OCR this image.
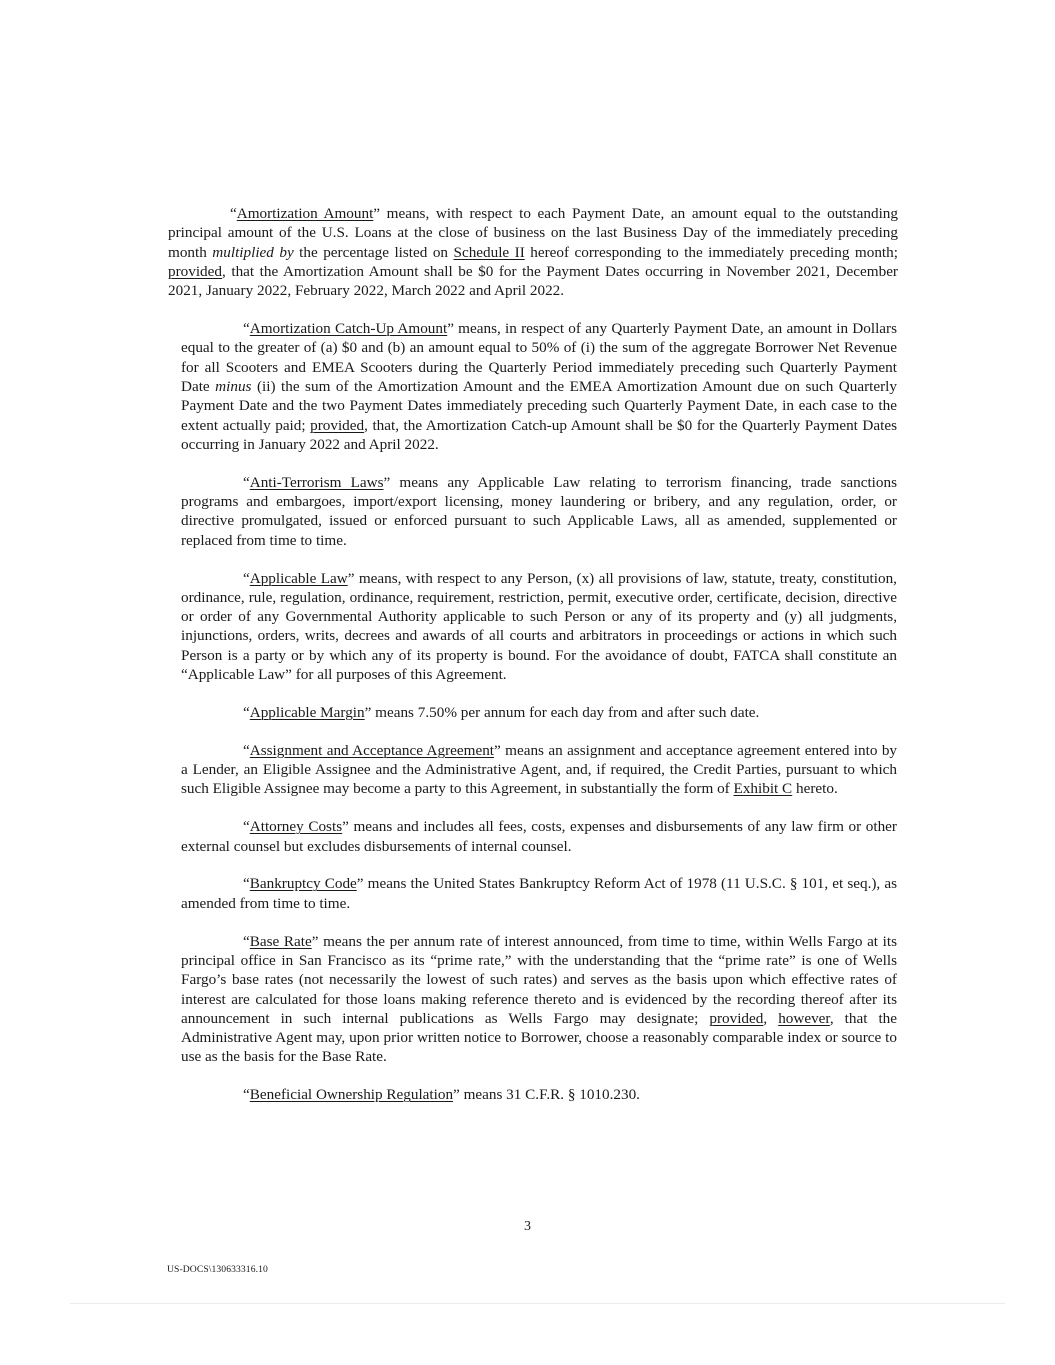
“Amortization Amount” means, with respect to each Payment Date, an amount equal to the outstanding principal amount of the U.S. Loans at the close of business on the last Business Day of the immediately preceding month multiplied by the percentage listed on Schedule II hereof corresponding to the immediately preceding month; provided, that the Amortization Amount shall be $0 for the Payment Dates occurring in November 2021, December 2021, January 2022, February 2022, March 2022 and April 2022.

“Amortization Catch-Up Amount” means, in respect of any Quarterly Payment Date, an amount in Dollars equal to the greater of (a) $0 and (b) an amount equal to 50% of (i) the sum of the aggregate Borrower Net Revenue for all Scooters and EMEA Scooters during the Quarterly Period immediately preceding such Quarterly Payment Date minus (ii) the sum of the Amortization Amount and the EMEA Amortization Amount due on such Quarterly Payment Date and the two Payment Dates immediately preceding such Quarterly Payment Date, in each case to the extent actually paid; provided, that, the Amortization Catch-up Amount shall be $0 for the Quarterly Payment Dates occurring in January 2022 and April 2022.

“Anti-Terrorism Laws” means any Applicable Law relating to terrorism financing, trade sanctions programs and embargoes, import/export licensing, money laundering or bribery, and any regulation, order, or directive promulgated, issued or enforced pursuant to such Applicable Laws, all as amended, supplemented or replaced from time to time.

“Applicable Law” means, with respect to any Person, (x) all provisions of law, statute, treaty, constitution, ordinance, rule, regulation, ordinance, requirement, restriction, permit, executive order, certificate, decision, directive or order of any Governmental Authority applicable to such Person or any of its property and (y) all judgments, injunctions, orders, writs, decrees and awards of all courts and arbitrators in proceedings or actions in which such Person is a party or by which any of its property is bound. For the avoidance of doubt, FATCA shall constitute an “Applicable Law” for all purposes of this Agreement.

“Applicable Margin” means 7.50% per annum for each day from and after such date.

“Assignment and Acceptance Agreement” means an assignment and acceptance agreement entered into by a Lender, an Eligible Assignee and the Administrative Agent, and, if required, the Credit Parties, pursuant to which such Eligible Assignee may become a party to this Agreement, in substantially the form of Exhibit C hereto.

“Attorney Costs” means and includes all fees, costs, expenses and disbursements of any law firm or other external counsel but excludes disbursements of internal counsel.

“Bankruptcy Code” means the United States Bankruptcy Reform Act of 1978 (11 U.S.C. § 101, et seq.), as amended from time to time.

“Base Rate” means the per annum rate of interest announced, from time to time, within Wells Fargo at its principal office in San Francisco as its “prime rate,” with the understanding that the “prime rate” is one of Wells Fargo’s base rates (not necessarily the lowest of such rates) and serves as the basis upon which effective rates of interest are calculated for those loans making reference thereto and is evidenced by the recording thereof after its announcement in such internal publications as Wells Fargo may designate; provided, however, that the Administrative Agent may, upon prior written notice to Borrower, choose a reasonably comparable index or source to use as the basis for the Base Rate.

“Beneficial Ownership Regulation” means 31 C.F.R. § 1010.230.

3
US-DOCS\130633316.10
